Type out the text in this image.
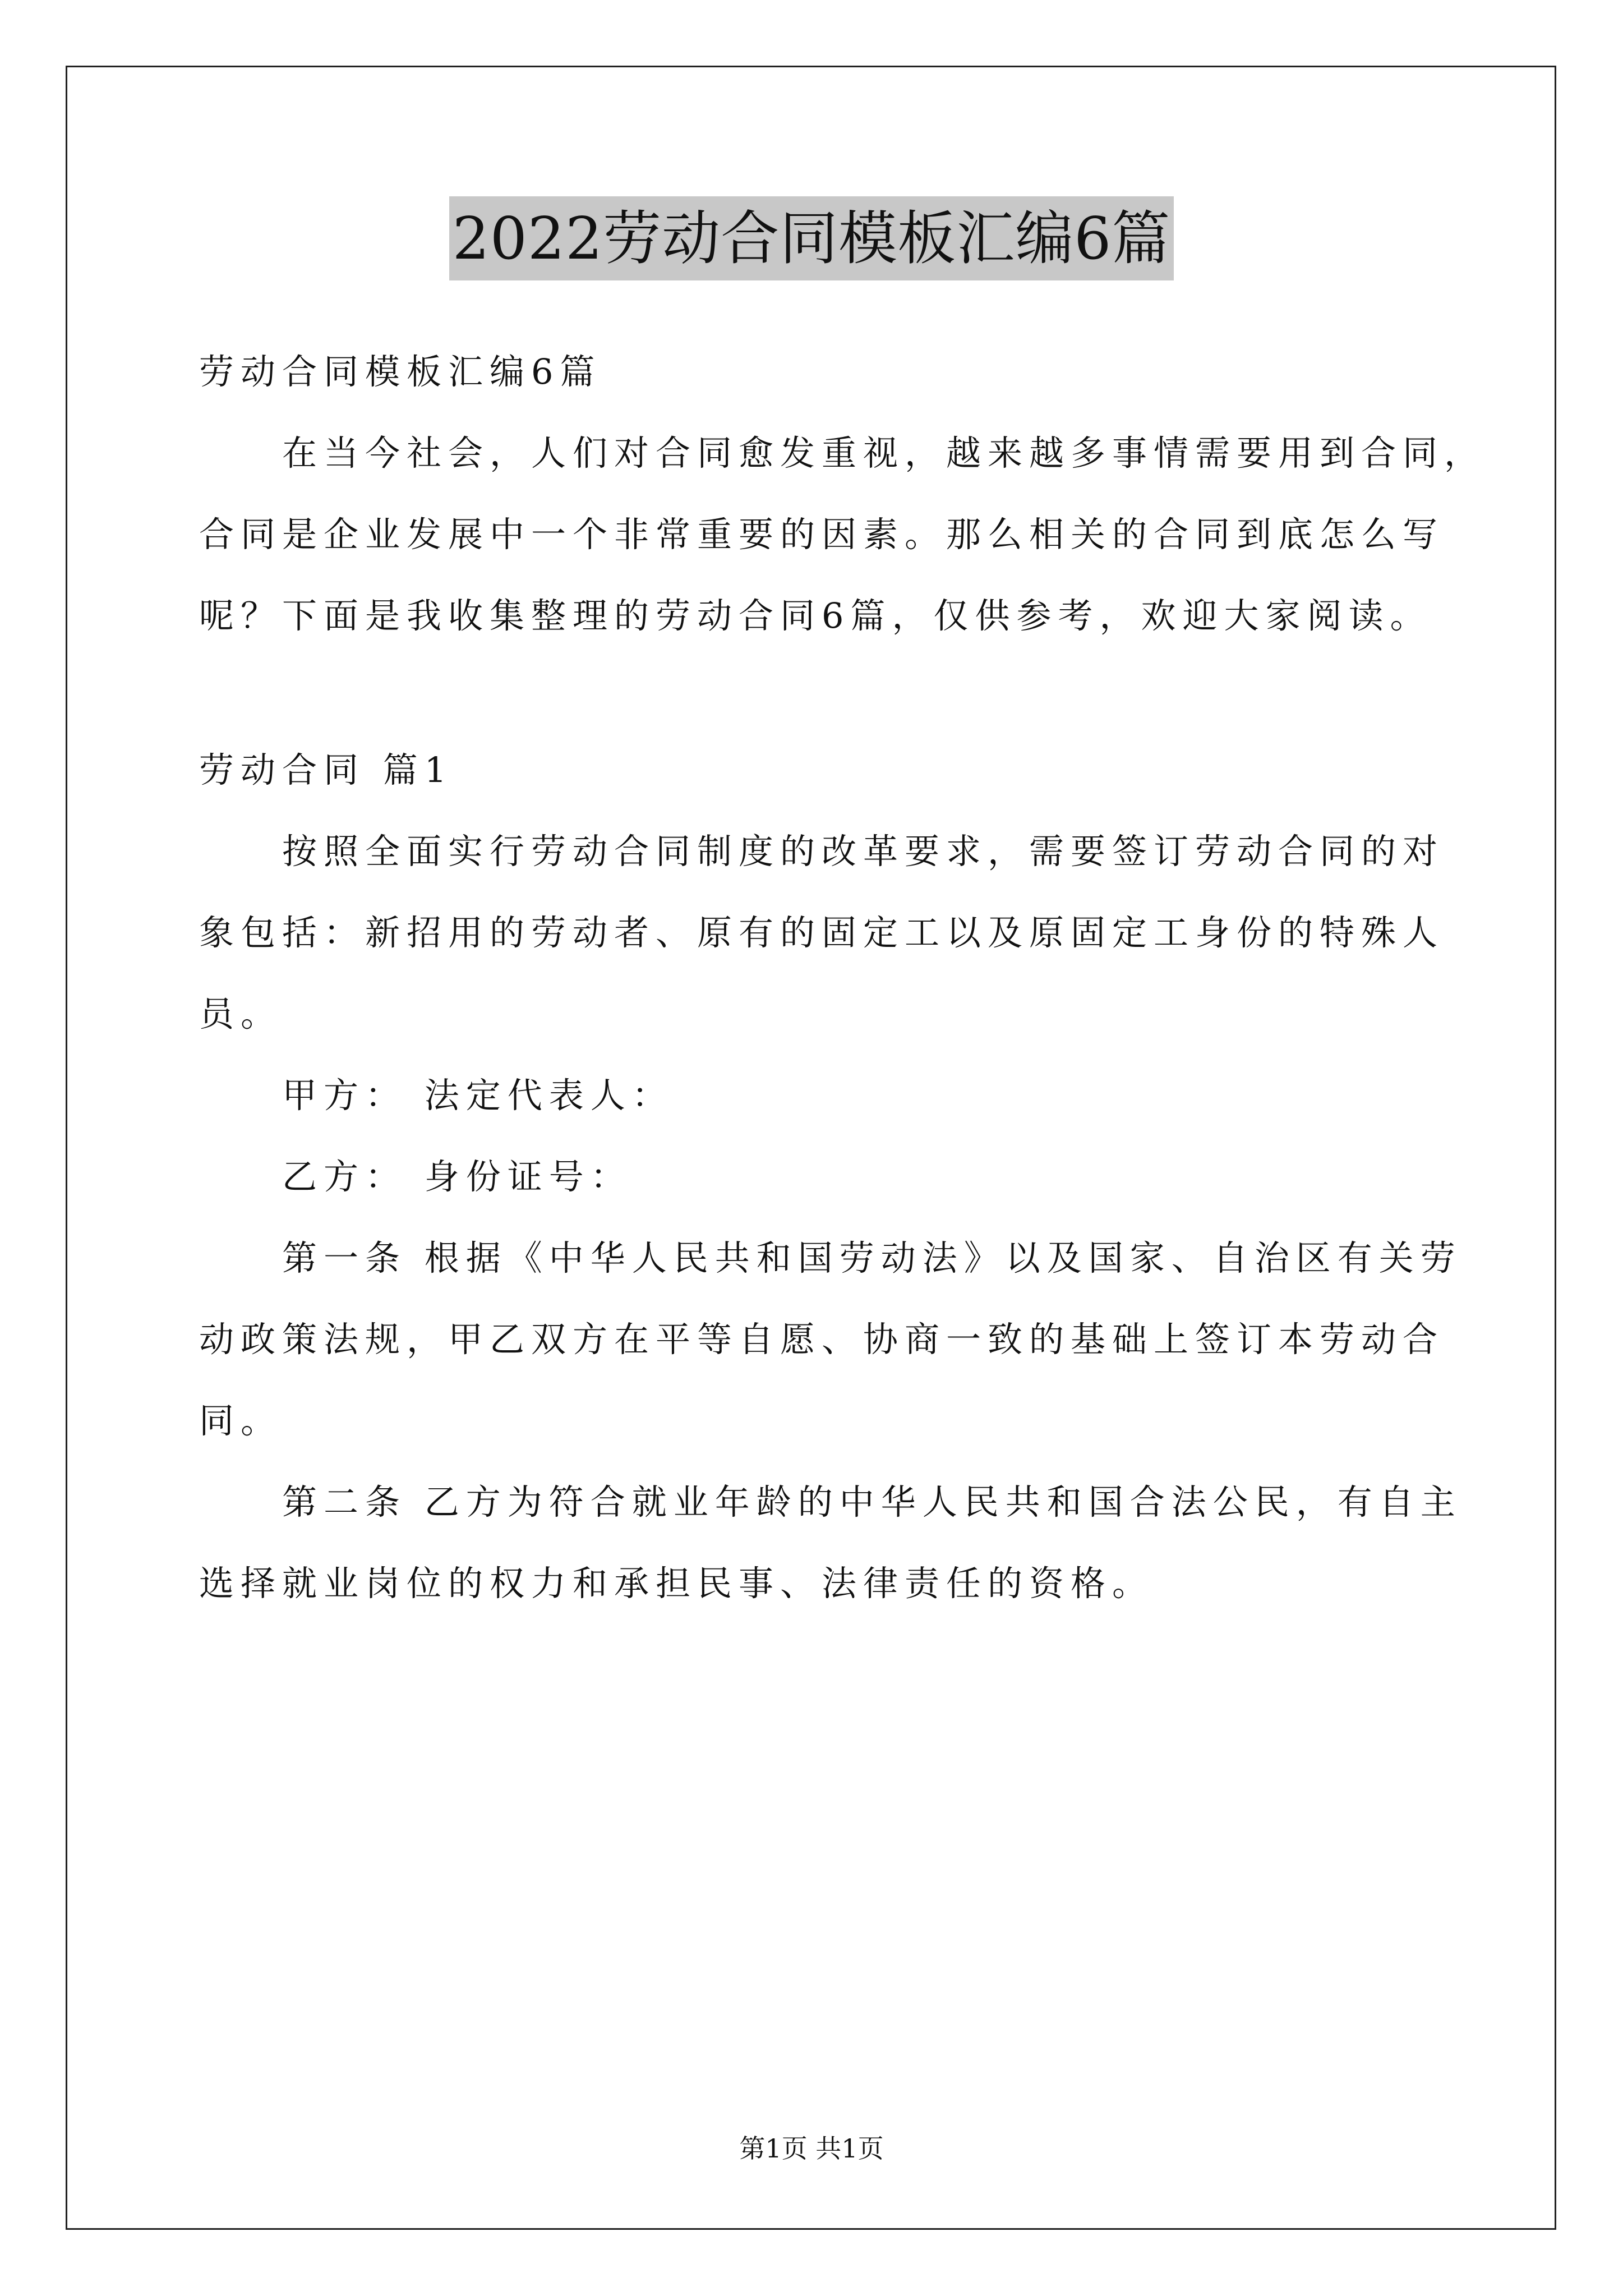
2022劳动合同模板汇编6篇

劳动合同模板汇编6篇

在当今社会，人们对合同愈发重视，越来越多事情需要用到合同，

合同是企业发展中一个非常重要的因素。那么相关的合同到底怎么写

呢？下面是我收集整理的劳动合同6篇，仅供参考，欢迎大家阅读。

劳动合同 篇1

按照全面实行劳动合同制度的改革要求，需要签订劳动合同的对

象包括：新招用的劳动者、原有的固定工以及原固定工身份的特殊人

员。

甲方： 法定代表人：

乙方： 身份证号：

第一条 根据《中华人民共和国劳动法》以及国家、自治区有关劳

动政策法规，甲乙双方在平等自愿、协商一致的基础上签订本劳动合

同。

第二条 乙方为符合就业年龄的中华人民共和国合法公民，有自主

选择就业岗位的权力和承担民事、法律责任的资格。

第1页 共1页
